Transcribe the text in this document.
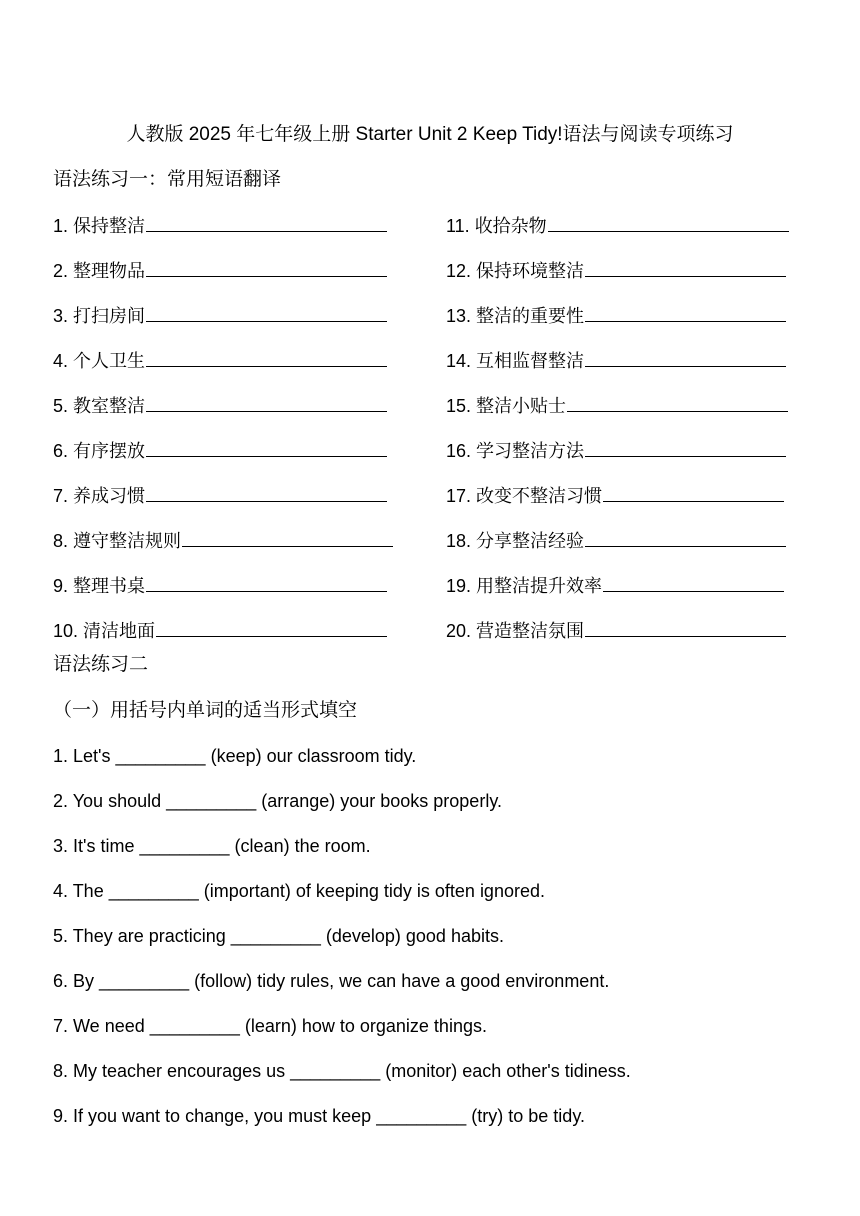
人教版 2025 年七年级上册 Starter Unit 2 Keep Tidy!语法与阅读专项练习
语法练习一：常用短语翻译
1. 保持整洁
2. 整理物品
3. 打扫房间
4. 个人卫生
5. 教室整洁
6. 有序摆放
7. 养成习惯
8. 遵守整洁规则
9. 整理书桌
10. 清洁地面
11. 收拾杂物
12. 保持环境整洁
13. 整洁的重要性
14. 互相监督整洁
15. 整洁小贴士
16. 学习整洁方法
17. 改变不整洁习惯
18. 分享整洁经验
19. 用整洁提升效率
20. 营造整洁氛围
语法练习二
（一）用括号内单词的适当形式填空
1. Let's _________ (keep) our classroom tidy.
2. You should _________ (arrange) your books properly.
3. It's time _________ (clean) the room.
4. The _________ (important) of keeping tidy is often ignored.
5. They are practicing _________ (develop) good habits.
6. By _________ (follow) tidy rules, we can have a good environment.
7. We need _________ (learn) how to organize things.
8. My teacher encourages us _________ (monitor) each other's tidiness.
9. If you want to change, you must keep _________ (try) to be tidy.
